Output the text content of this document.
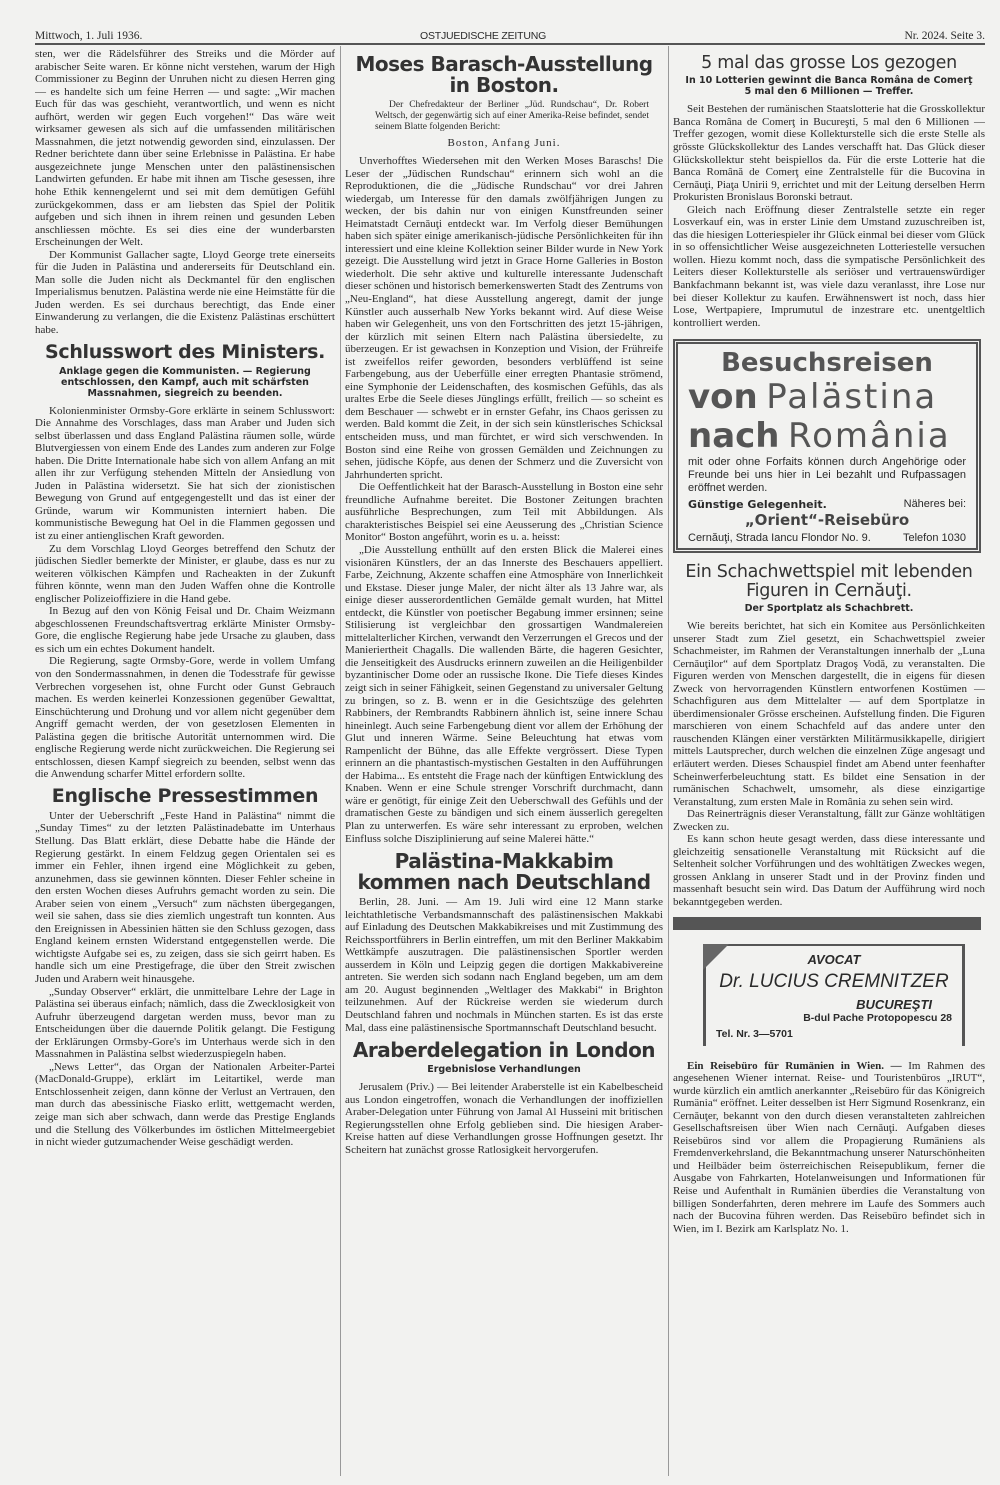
Mittwoch, 1. Juli 1936.	OSTJUEDISCHE ZEITUNG	Nr. 2024. Seite 3.

sten, wer die Rädelsführer des Streiks und die Mörder auf arabischer Seite waren. Er könne nicht verstehen, warum der High Commissioner zu Beginn der Unruhen nicht zu diesen Herren ging — es handelte sich um feine Herren — und sagte: „Wir machen Euch für das was geschieht, verantwortlich, und wenn es nicht aufhört, werden wir gegen Euch vorgehen!“ Das wäre weit wirksamer gewesen als sich auf die umfassenden militärischen Massnahmen, die jetzt notwendig geworden sind, einzulassen. Der Redner berichtete dann über seine Erlebnisse in Palästina. Er habe ausgezeichnete junge Menschen unter den palästinensischen Landwirten gefunden. Er habe mit ihnen am Tische gesessen, ihre hohe Ethik kennengelernt und sei mit dem demütigen Gefühl zurückgekommen, dass er am liebsten das Spiel der Politik aufgeben und sich ihnen in ihrem reinen und gesunden Leben anschliessen möchte. Es sei dies eine der wunderbarsten Erscheinungen der Welt.

Der Kommunist Gallacher sagte, Lloyd George trete einerseits für die Juden in Palästina und andererseits für Deutschland ein. Man solle die Juden nicht als Deckmantel für den englischen Imperialismus benutzen. Palästina werde nie eine Heimstätte für die Juden werden. Es sei durchaus berechtigt, das Ende einer Einwanderung zu verlangen, die die Existenz Palästinas erschüttert habe.

Schlusswort des Ministers.
Anklage gegen die Kommunisten. — Regierung entschlossen, den Kampf, auch mit schärfsten Massnahmen, siegreich zu beenden.

Kolonienminister Ormsby-Gore erklärte in seinem Schlusswort: Die Annahme des Vorschlages, dass man Araber und Juden sich selbst überlassen und dass England Palästina räumen solle, würde Blutvergiessen von einem Ende des Landes zum anderen zur Folge haben. Die Dritte Internationale habe sich von allem Anfang an mit allen ihr zur Verfügung stehenden Mitteln der Ansiedlung von Juden in Palästina widersetzt. Sie hat sich der zionistischen Bewegung von Grund auf entgegengestellt und das ist einer der Gründe, warum wir Kommunisten interniert haben. Die kommunistische Bewegung hat Oel in die Flammen gegossen und ist zu einer antienglischen Kraft geworden.

Zu dem Vorschlag Lloyd Georges betreffend den Schutz der jüdischen Siedler bemerkte der Minister, er glaube, dass es nur zu weiteren völkischen Kämpfen und Racheakten in der Zukunft führen könnte, wenn man den Juden Waffen ohne die Kontrolle englischer Polizeioffiziere in die Hand gebe.

In Bezug auf den von König Feisal und Dr. Chaim Weizmann abgeschlossenen Freundschaftsvertrag erklärte Minister Ormsby-Gore, die englische Regierung habe jede Ursache zu glauben, dass es sich um ein echtes Dokument handelt.

Die Regierung, sagte Ormsby-Gore, werde in vollem Umfang von den Sondermassnahmen, in denen die Todesstrafe für gewisse Verbrechen vorgesehen ist, ohne Furcht oder Gunst Gebrauch machen. Es werden keinerlei Konzessionen gegenüber Gewalttat, Einschüchterung und Drohung und vor allem nicht gegenüber dem Angriff gemacht werden, der von gesetzlosen Elementen in Palästina gegen die britische Autorität unternommen wird. Die englische Regierung werde nicht zurückweichen. Die Regierung sei entschlossen, diesen Kampf siegreich zu beenden, selbst wenn das die Anwendung scharfer Mittel erfordern sollte.

Englische Pressestimmen

Unter der Ueberschrift „Feste Hand in Palästina“ nimmt die „Sunday Times“ zu der letzten Palästinadebatte im Unterhaus Stellung. Das Blatt erklärt, diese Debatte habe die Hände der Regierung gestärkt. In einem Feldzug gegen Orientalen sei es immer ein Fehler, ihnen irgend eine Möglichkeit zu geben, anzunehmen, dass sie gewinnen könnten. Dieser Fehler scheine in den ersten Wochen dieses Aufruhrs gemacht worden zu sein. Die Araber seien von einem „Versuch“ zum nächsten übergegangen, weil sie sahen, dass sie dies ziemlich ungestraft tun konnten. Aus den Ereignissen in Abessinien hätten sie den Schluss gezogen, dass England keinem ernsten Widerstand entgegenstellen werde. Die wichtigste Aufgabe sei es, zu zeigen, dass sie sich geirrt haben. Es handle sich um eine Prestigefrage, die über den Streit zwischen Juden und Arabern weit hinausgehe.

„Sunday Observer“ erklärt, die unmittelbare Lehre der Lage in Palästina sei überaus einfach; nämlich, dass die Zwecklosigkeit von Aufruhr überzeugend dargetan werden muss, bevor man zu Entscheidungen über die dauernde Politik gelangt. Die Festigung der Erklärungen Ormsby-Gore's im Unterhaus werde sich in den Massnahmen in Palästina selbst wiederzuspiegeln haben.

„News Letter“, das Organ der Nationalen Arbeiter-Partei (MacDonald-Gruppe), erklärt im Leitartikel, werde man Entschlossenheit zeigen, dann könne der Verlust an Vertrauen, den man durch das abessinische Fiasko erlitt, wettgemacht werden, zeige man sich aber schwach, dann werde das Prestige Englands und die Stellung des Völkerbundes im östlichen Mittelmeergebiet in nicht wieder gutzumachender Weise geschädigt werden.

Moses Barasch-Ausstellung in Boston.
Der Chefredakteur der Berliner „Jüd. Rundschau“, Dr. Robert Weltsch, der gegenwärtig sich auf einer Amerika-Reise befindet, sendet seinem Blatte folgenden Bericht:
Boston, Anfang Juni.

Unverhofftes Wiedersehen mit den Werken Moses Baraschs! Die Leser der „Jüdischen Rundschau“ erinnern sich wohl an die Reproduktionen, die die „Jüdische Rundschau“ vor drei Jahren wiedergab, um Interesse für den damals zwölfjährigen Jungen zu wecken, der bis dahin nur von einigen Kunstfreunden seiner Heimatstadt Cernăuţi entdeckt war. Im Verfolg dieser Bemühungen haben sich später einige amerikanisch-jüdische Persönlichkeiten für ihn interessiert und eine kleine Kollektion seiner Bilder wurde in New York gezeigt. Die Ausstellung wird jetzt in Grace Horne Galleries in Boston wiederholt. Die sehr aktive und kulturelle interessante Judenschaft dieser schönen und historisch bemerkenswerten Stadt des Zentrums von „Neu-England“, hat diese Ausstellung angeregt, damit der junge Künstler auch ausserhalb New Yorks bekannt wird. Auf diese Weise haben wir Gelegenheit, uns von den Fortschritten des jetzt 15-jährigen, der kürzlich mit seinen Eltern nach Palästina übersiedelte, zu überzeugen. Er ist gewachsen in Konzeption und Vision, der Frühreife ist zweifellos reifer geworden, besonders verblüffend ist seine Farbengebung, aus der Ueberfülle einer erregten Phantasie strömend, eine Symphonie der Leidenschaften, des kosmischen Gefühls, das als uraltes Erbe die Seele dieses Jünglings erfüllt, freilich — so scheint es dem Beschauer — schwebt er in ernster Gefahr, ins Chaos gerissen zu werden. Bald kommt die Zeit, in der sich sein künstlerisches Schicksal entscheiden muss, und man fürchtet, er wird sich verschwenden. In Boston sind eine Reihe von grossen Gemälden und Zeichnungen zu sehen, jüdische Köpfe, aus denen der Schmerz und die Zuversicht von Jahrhunderten spricht.

Die Oeffentlichkeit hat der Barasch-Ausstellung in Boston eine sehr freundliche Aufnahme bereitet. Die Bostoner Zeitungen brachten ausführliche Besprechungen, zum Teil mit Abbildungen. Als charakteristisches Beispiel sei eine Aeusserung des „Christian Science Monitor“ Boston angeführt, worin es u. a. heisst:

„Die Ausstellung enthüllt auf den ersten Blick die Malerei eines visionären Künstlers, der an das Innerste des Beschauers appelliert. Farbe, Zeichnung, Akzente schaffen eine Atmosphäre von Innerlichkeit und Ekstase. Dieser junge Maler, der nicht älter als 13 Jahre war, als einige dieser ausserordentlichen Gemälde gemalt wurden, hat Mittel entdeckt, die Künstler von poetischer Begabung immer ersinnen; seine Stilisierung ist vergleichbar den grossartigen Wandmalereien mittelalterlicher Kirchen, verwandt den Verzerrungen el Grecos und der Manieriertheit Chagalls. Die wallenden Bärte, die hageren Gesichter, die Jenseitigkeit des Ausdrucks erinnern zuweilen an die Heiligenbilder byzantinischer Dome oder an russische Ikone. Die Tiefe dieses Kindes zeigt sich in seiner Fähigkeit, seinen Gegenstand zu universaler Geltung zu bringen, so z. B. wenn er in die Gesichtszüge des gelehrten Rabbiners, der Rembrandts Rabbinern ähnlich ist, seine innere Schau hineinlegt. Auch seine Farbengebung dient vor allem der Erhöhung der Glut und inneren Wärme. Seine Beleuchtung hat etwas vom Rampenlicht der Bühne, das alle Effekte vergrössert. Diese Typen erinnern an die phantastisch-mystischen Gestalten in den Aufführungen der Habima... Es entsteht die Frage nach der künftigen Entwicklung des Knaben. Wenn er eine Schule strenger Vorschrift durchmacht, dann wäre er genötigt, für einige Zeit den Ueberschwall des Gefühls und der dramatischen Geste zu bändigen und sich einem äusserlich geregelten Plan zu unterwerfen. Es wäre sehr interessant zu erproben, welchen Einfluss solche Disziplinierung auf seine Malerei hätte.“

Palästina-Makkabim kommen nach Deutschland

Berlin, 28. Juni. — Am 19. Juli wird eine 12 Mann starke leichtathletische Verbandsmannschaft des palästinensischen Makkabi auf Einladung des Deutschen Makkabikreises und mit Zustimmung des Reichssportführers in Berlin eintreffen, um mit den Berliner Makkabim Wettkämpfe auszutragen. Die palästinensischen Sportler werden ausserdem in Köln und Leipzig gegen die dortigen Makkabivereine antreten. Sie werden sich sodann nach England begeben, um am dem am 20. August beginnenden „Weltlager des Makkabi“ in Brighton teilzunehmen. Auf der Rückreise werden sie wiederum durch Deutschland fahren und nochmals in München starten. Es ist das erste Mal, dass eine palästinensische Sportmannschaft Deutschland besucht.

Araberdelegation in London
Ergebnislose Verhandlungen

Jerusalem (Priv.) — Bei leitender Araberstelle ist ein Kabelbescheid aus London eingetroffen, wonach die Verhandlungen der inoffiziellen Araber-Delegation unter Führung von Jamal Al Husseini mit britischen Regierungsstellen ohne Erfolg geblieben sind. Die hiesigen Araber-Kreise hatten auf diese Verhandlungen grosse Hoffnungen gesetzt. Ihr Scheitern hat zunächst grosse Ratlosigkeit hervorgerufen.

5 mal das grosse Los gezogen
In 10 Lotterien gewinnt die Banca Româna de Comerţ 5 mal den 6 Millionen — Treffer.

Seit Bestehen der rumänischen Staatslotterie hat die Grosskollektur Banca Româna de Comerţ in Bucureşti, 5 mal den 6 Millionen — Treffer gezogen, womit diese Kollekturstelle sich die erste Stelle als grösste Glückskollektur des Landes verschafft hat. Das Glück dieser Glückskollektur steht beispiellos da. Für die erste Lotterie hat die Banca Română de Comerţ eine Zentralstelle für die Bucovina in Cernăuţi, Piaţa Unirii 9, errichtet und mit der Leitung derselben Herrn Prokuristen Bronislaus Boronski betraut.

Gleich nach Eröffnung dieser Zentralstelle setzte ein reger Losverkauf ein, was in erster Linie dem Umstand zuzuschreiben ist, das die hiesigen Lotteriespieler ihr Glück einmal bei dieser vom Glück in so offensichtlicher Weise ausgezeichneten Lotteriestelle versuchen wollen. Hiezu kommt noch, dass die sympatische Persönlichkeit des Leiters dieser Kollekturstelle als seriöser und vertrauenswürdiger Bankfachmann bekannt ist, was viele dazu veranlasst, ihre Lose nur bei dieser Kollektur zu kaufen. Erwähnenswert ist noch, dass hier Lose, Wertpapiere, Imprumutul de inzestrare etc. unentgeltlich kontrolliert werden.

Besuchsreisen
von Palästina
nach România
mit oder ohne Forfaits können durch Angehörige oder Freunde bei uns hier in Lei bezahlt und Rufpassagen eröffnet werden.
Günstige Gelegenheit.	Näheres bei:
„Orient“-Reisebüro
Cernăuţi, Strada Iancu Flondor No. 9.	Telefon 1030
Ein Schachwettspiel mit lebenden Figuren in Cernăuţi.
Der Sportplatz als Schachbrett.

Wie bereits berichtet, hat sich ein Komitee aus Persönlichkeiten unserer Stadt zum Ziel gesetzt, ein Schachwettspiel zweier Schachmeister, im Rahmen der Veranstaltungen innerhalb der „Luna Cernăuţilor“ auf dem Sportplatz Dragoş Vodă, zu veranstalten. Die Figuren werden von Menschen dargestellt, die in eigens für diesen Zweck von hervorragenden Künstlern entworfenen Kostümen — Schachfiguren aus dem Mittelalter — auf dem Sportplatze in überdimensionaler Grösse erscheinen. Aufstellung finden. Die Figuren marschieren von einem Schachfeld auf das andere unter den rauschenden Klängen einer verstärkten Militärmusikkapelle, dirigiert mittels Lautsprecher, durch welchen die einzelnen Züge angesagt und erläutert werden. Dieses Schauspiel findet am Abend unter feenhafter Scheinwerferbeleuchtung statt. Es bildet eine Sensation in der rumänischen Schachwelt, umsomehr, als diese einzigartige Veranstaltung, zum ersten Male in România zu sehen sein wird.

Das Reinerträgnis dieser Veranstaltung, fällt zur Gänze wohltätigen Zwecken zu.

Es kann schon heute gesagt werden, dass diese interessante und gleichzeitig sensationelle Veranstaltung mit Rücksicht auf die Seltenheit solcher Vorführungen und des wohltätigen Zweckes wegen, grossen Anklang in unserer Stadt und in der Provinz finden und massenhaft besucht sein wird. Das Datum der Aufführung wird noch bekanntgegeben werden.

AVOCAT
Dr. LUCIUS CREMNITZER
BUCUREŞTI
B-dul Pache Protopopescu 28
Tel. Nr. 3—5701

Ein Reisebüro für Rumänien in Wien. — Im Rahmen des angesehenen Wiener internat. Reise- und Touristenbüros „IRUT“, wurde kürzlich ein amtlich anerkannter „Reisebüro für das Königreich Rumänia“ eröffnet. Leiter desselben ist Herr Sigmund Rosenkranz, ein Cernăuţer, bekannt von den durch diesen veranstalteten zahlreichen Gesellschaftsreisen über Wien nach Cernăuţi. Aufgaben dieses Reisebüros sind vor allem die Propagierung Rumäniens als Fremdenverkehrsland, die Bekanntmachung unserer Naturschönheiten und Heilbäder beim österreichischen Reisepublikum, ferner die Ausgabe von Fahrkarten, Hotelanweisungen und Informationen für Reise und Aufenthalt in Rumänien überdies die Veranstaltung von billigen Sonderfahrten, deren mehrere im Laufe des Sommers auch nach der Bucovina führen werden. Das Reisebüro befindet sich in Wien, im I. Bezirk am Karlsplatz No. 1.
